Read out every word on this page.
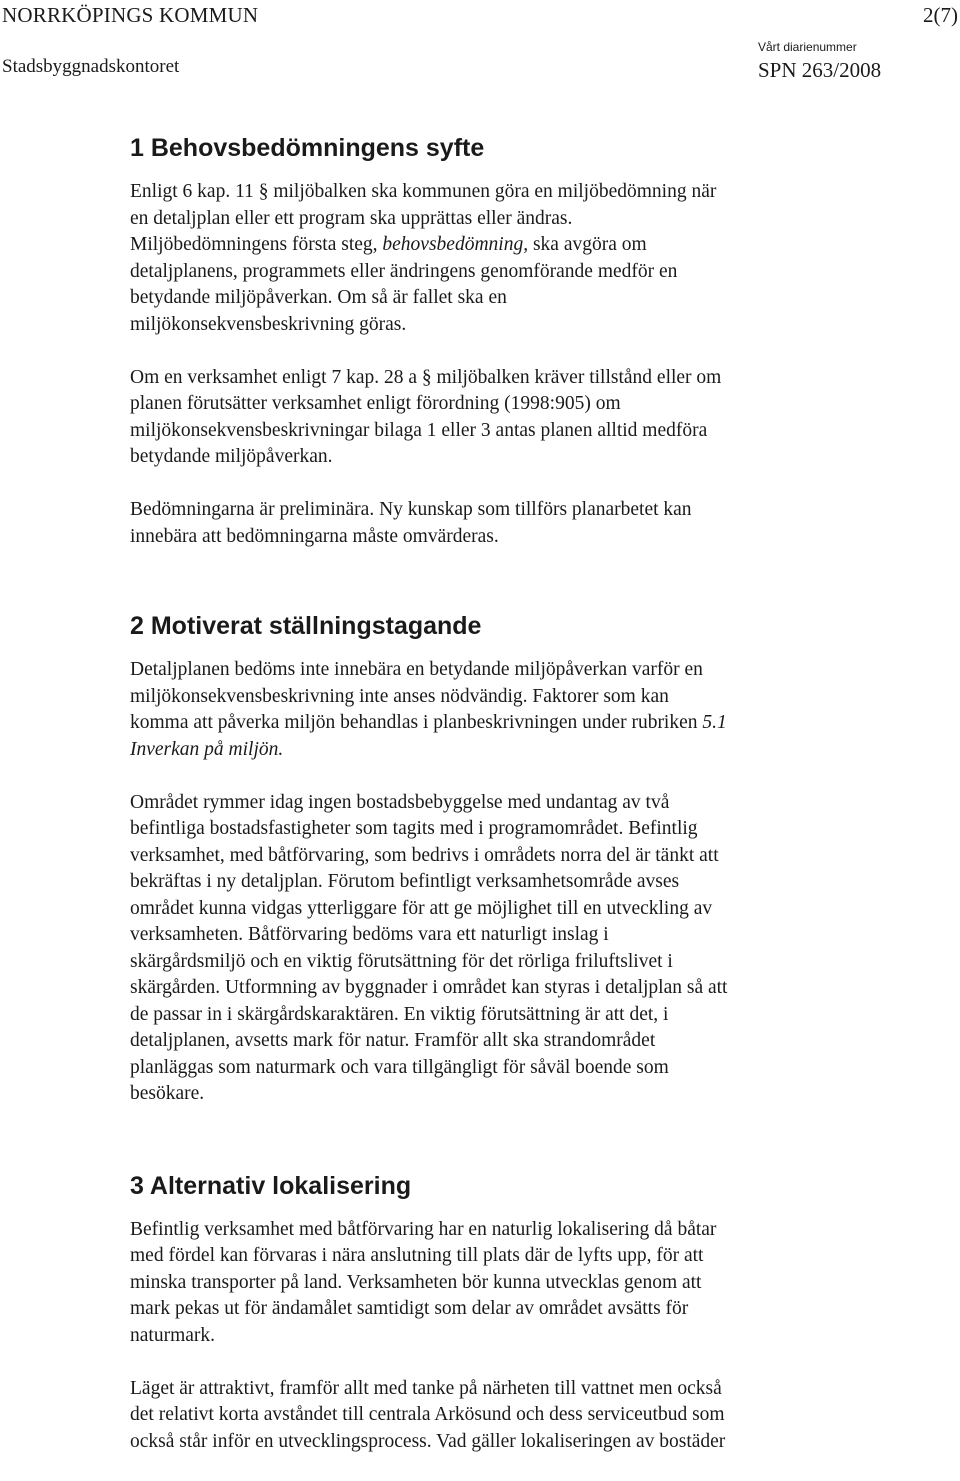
NORRKÖPINGS KOMMUN	2(7)
Stadsbyggnadskontoret
Vårt diarienummer
SPN 263/2008
1 Behovsbedömningens syfte

Enligt 6 kap. 11 § miljöbalken ska kommunen göra en miljöbedömning när
en detaljplan eller ett program ska upprättas eller ändras.
Miljöbedömningens första steg, behovsbedömning, ska avgöra om
detaljplanens, programmets eller ändringens genomförande medför en
betydande miljöpåverkan. Om så är fallet ska en
miljökonsekvensbeskrivning göras.

Om en verksamhet enligt 7 kap. 28 a § miljöbalken kräver tillstånd eller om
planen förutsätter verksamhet enligt förordning (1998:905) om
miljökonsekvensbeskrivningar bilaga 1 eller 3 antas planen alltid medföra
betydande miljöpåverkan.

Bedömningarna är preliminära. Ny kunskap som tillförs planarbetet kan
innebära att bedömningarna måste omvärderas.

2 Motiverat ställningstagande

Detaljplanen bedöms inte innebära en betydande miljöpåverkan varför en
miljökonsekvensbeskrivning inte anses nödvändig. Faktorer som kan
komma att påverka miljön behandlas i planbeskrivningen under rubriken 5.1
Inverkan på miljön.

Området rymmer idag ingen bostadsbebyggelse med undantag av två
befintliga bostadsfastigheter som tagits med i programområdet. Befintlig
verksamhet, med båtförvaring, som bedrivs i områdets norra del är tänkt att
bekräftas i ny detaljplan. Förutom befintligt verksamhetsområde avses
området kunna vidgas ytterliggare för att ge möjlighet till en utveckling av
verksamheten. Båtförvaring bedöms vara ett naturligt inslag i
skärgårdsmiljö och en viktig förutsättning för det rörliga friluftslivet i
skärgården. Utformning av byggnader i området kan styras i detaljplan så att
de passar in i skärgårdskaraktären. En viktig förutsättning är att det, i
detaljplanen, avsetts mark för natur. Framför allt ska strandområdet
planläggas som naturmark och vara tillgängligt för såväl boende som
besökare.

3 Alternativ lokalisering

Befintlig verksamhet med båtförvaring har en naturlig lokalisering då båtar
med fördel kan förvaras i nära anslutning till plats där de lyfts upp, för att
minska transporter på land. Verksamheten bör kunna utvecklas genom att
mark pekas ut för ändamålet samtidigt som delar av området avsätts för
naturmark.

Läget är attraktivt, framför allt med tanke på närheten till vattnet men också
det relativt korta avståndet till centrala Arkösund och dess serviceutbud som
också står inför en utvecklingsprocess. Vad gäller lokaliseringen av bostäder
